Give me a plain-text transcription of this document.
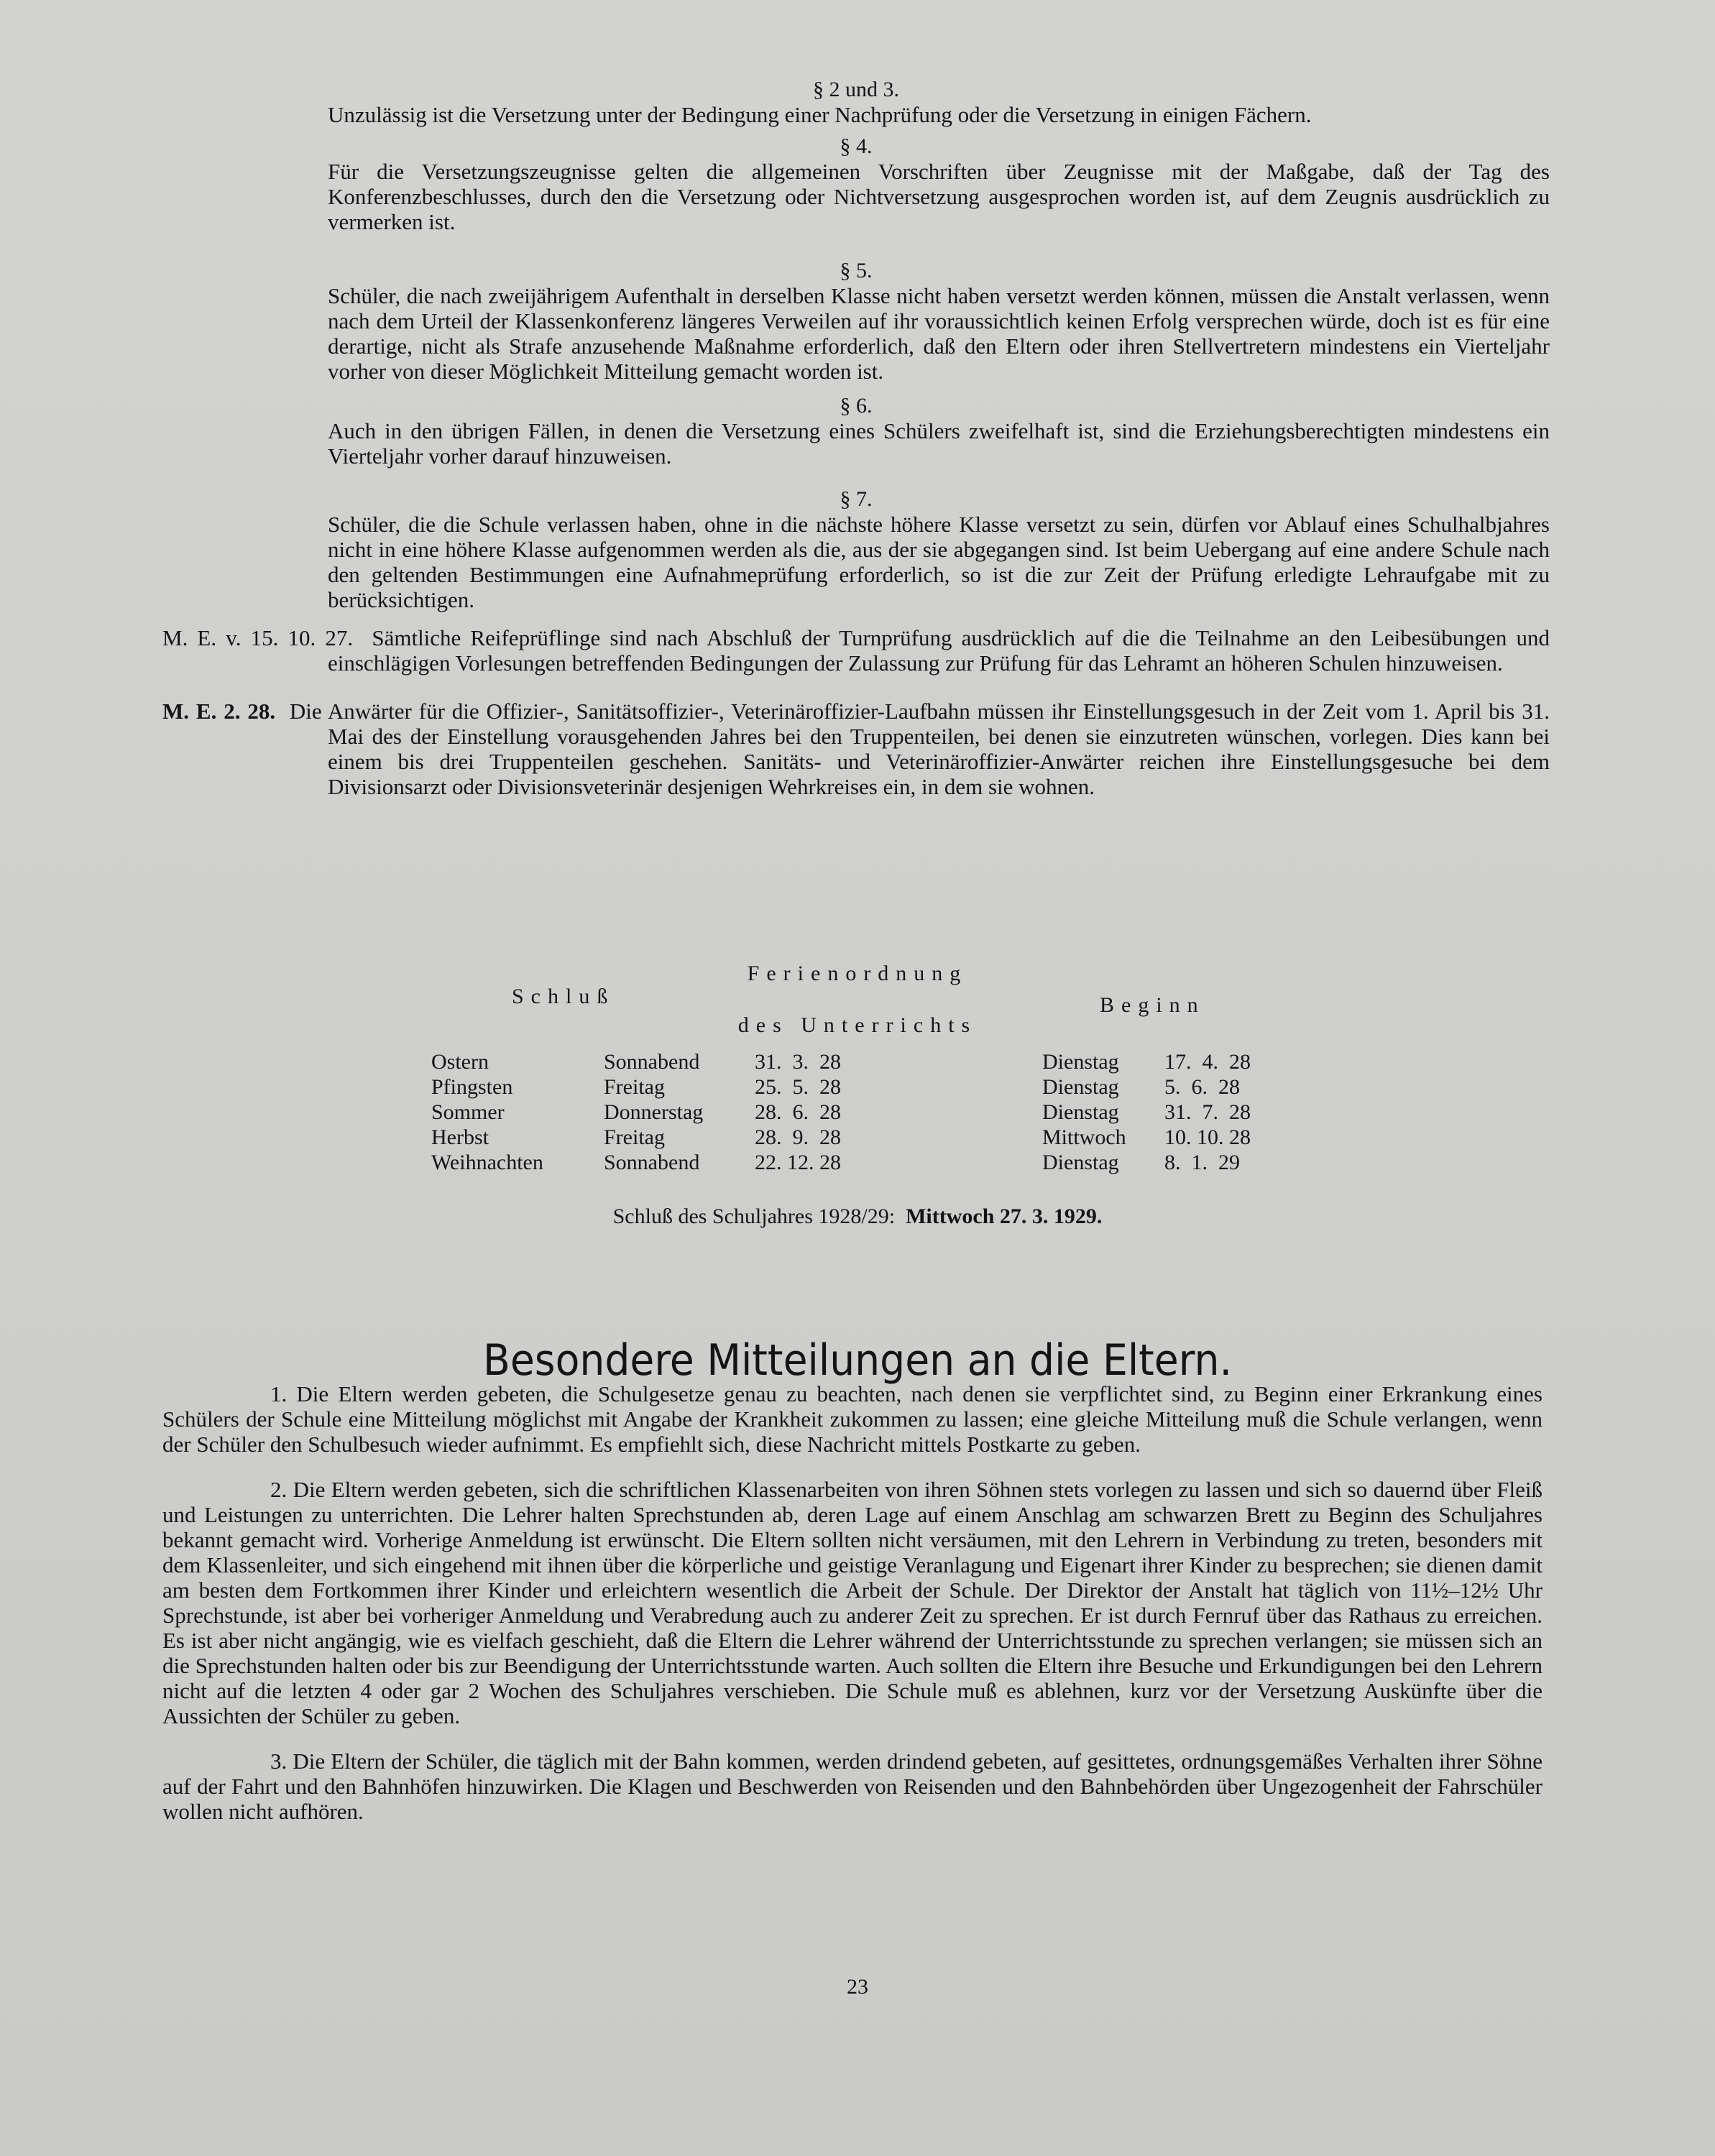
§ 2 und 3.

Unzulässig ist die Versetzung unter der Bedingung einer Nachprüfung oder die Versetzung in einigen Fächern.

§ 4.

Für die Versetzungszeugnisse gelten die allgemeinen Vorschriften über Zeugnisse mit der Maßgabe, daß der Tag des Konferenzbeschlusses, durch den die Versetzung oder Nichtversetzung ausgesprochen worden ist, auf dem Zeugnis ausdrücklich zu vermerken ist.

§ 5.

Schüler, die nach zweijährigem Aufenthalt in derselben Klasse nicht haben versetzt werden können, müssen die Anstalt verlassen, wenn nach dem Urteil der Klassenkonferenz längeres Verweilen auf ihr voraussichtlich keinen Erfolg versprechen würde, doch ist es für eine derartige, nicht als Strafe anzusehende Maßnahme erforderlich, daß den Eltern oder ihren Stellvertretern mindestens ein Vierteljahr vorher von dieser Möglichkeit Mitteilung gemacht worden ist.

§ 6.

Auch in den übrigen Fällen, in denen die Versetzung eines Schülers zweifelhaft ist, sind die Erziehungsberechtigten mindestens ein Vierteljahr vorher darauf hinzuweisen.

§ 7.

Schüler, die die Schule verlassen haben, ohne in die nächste höhere Klasse versetzt zu sein, dürfen vor Ablauf eines Schulhalbjahres nicht in eine höhere Klasse aufgenommen werden als die, aus der sie abgegangen sind. Ist beim Uebergang auf eine andere Schule nach den geltenden Bestimmungen eine Aufnahmeprüfung erforderlich, so ist die zur Zeit der Prüfung erledigte Lehraufgabe mit zu berücksichtigen.

M. E. v. 15. 10. 27. Sämtliche Reifeprüflinge sind nach Abschluß der Turnprüfung ausdrücklich auf die die Teilnahme an den Leibesübungen und einschlägigen Vorlesungen betreffenden Bedingungen der Zulassung zur Prüfung für das Lehramt an höheren Schulen hinzuweisen.

M. E. 2. 28. Die Anwärter für die Offizier-, Sanitätsoffizier-, Veterinäroffizier-Laufbahn müssen ihr Einstellungsgesuch in der Zeit vom 1. April bis 31. Mai des der Einstellung vorausgehenden Jahres bei den Truppenteilen, bei denen sie einzutreten wünschen, vorlegen. Dies kann bei einem bis drei Truppenteilen geschehen. Sanitäts- und Veterinäroffizier-Anwärter reichen ihre Einstellungsgesuche bei dem Divisionsarzt oder Divisionsveterinär desjenigen Wehrkreises ein, in dem sie wohnen.

Ferienordnung
Schluß	Beginn
des Unterrichts
Ostern	Sonnabend	31.  3.  28	Dienstag	17.  4.  28
Pfingsten	Freitag	25.  5.  28	Dienstag	5.  6.  28
Sommer	Donnerstag	28.  6.  28	Dienstag	31.  7.  28
Herbst	Freitag	28.  9.  28	Mittwoch	10. 10. 28
Weihnachten	Sonnabend	22. 12. 28	Dienstag	8.  1.  29
Schluß des Schuljahres 1928/29: Mittwoch 27. 3. 1929.
Besondere Mitteilungen an die Eltern.

1. Die Eltern werden gebeten, die Schulgesetze genau zu beachten, nach denen sie verpflichtet sind, zu Beginn einer Erkrankung eines Schülers der Schule eine Mitteilung möglichst mit Angabe der Krankheit zukommen zu lassen; eine gleiche Mitteilung muß die Schule verlangen, wenn der Schüler den Schulbesuch wieder aufnimmt. Es empfiehlt sich, diese Nachricht mittels Postkarte zu geben.

2. Die Eltern werden gebeten, sich die schriftlichen Klassenarbeiten von ihren Söhnen stets vorlegen zu lassen und sich so dauernd über Fleiß und Leistungen zu unterrichten. Die Lehrer halten Sprechstunden ab, deren Lage auf einem Anschlag am schwarzen Brett zu Beginn des Schuljahres bekannt gemacht wird. Vorherige Anmeldung ist erwünscht. Die Eltern sollten nicht versäumen, mit den Lehrern in Verbindung zu treten, besonders mit dem Klassenleiter, und sich eingehend mit ihnen über die körperliche und geistige Veranlagung und Eigenart ihrer Kinder zu besprechen; sie dienen damit am besten dem Fortkommen ihrer Kinder und erleichtern wesentlich die Arbeit der Schule. Der Direktor der Anstalt hat täglich von 11½–12½ Uhr Sprechstunde, ist aber bei vorheriger Anmeldung und Verabredung auch zu anderer Zeit zu sprechen. Er ist durch Fernruf über das Rathaus zu erreichen. Es ist aber nicht angängig, wie es vielfach geschieht, daß die Eltern die Lehrer während der Unterrichtsstunde zu sprechen verlangen; sie müssen sich an die Sprechstunden halten oder bis zur Beendigung der Unterrichtsstunde warten. Auch sollten die Eltern ihre Besuche und Erkundigungen bei den Lehrern nicht auf die letzten 4 oder gar 2 Wochen des Schuljahres verschieben. Die Schule muß es ablehnen, kurz vor der Versetzung Auskünfte über die Aussichten der Schüler zu geben.

3. Die Eltern der Schüler, die täglich mit der Bahn kommen, werden drindend gebeten, auf gesittetes, ordnungsgemäßes Verhalten ihrer Söhne auf der Fahrt und den Bahnhöfen hinzuwirken. Die Klagen und Beschwerden von Reisenden und den Bahnbehörden über Ungezogenheit der Fahrschüler wollen nicht aufhören.

23
